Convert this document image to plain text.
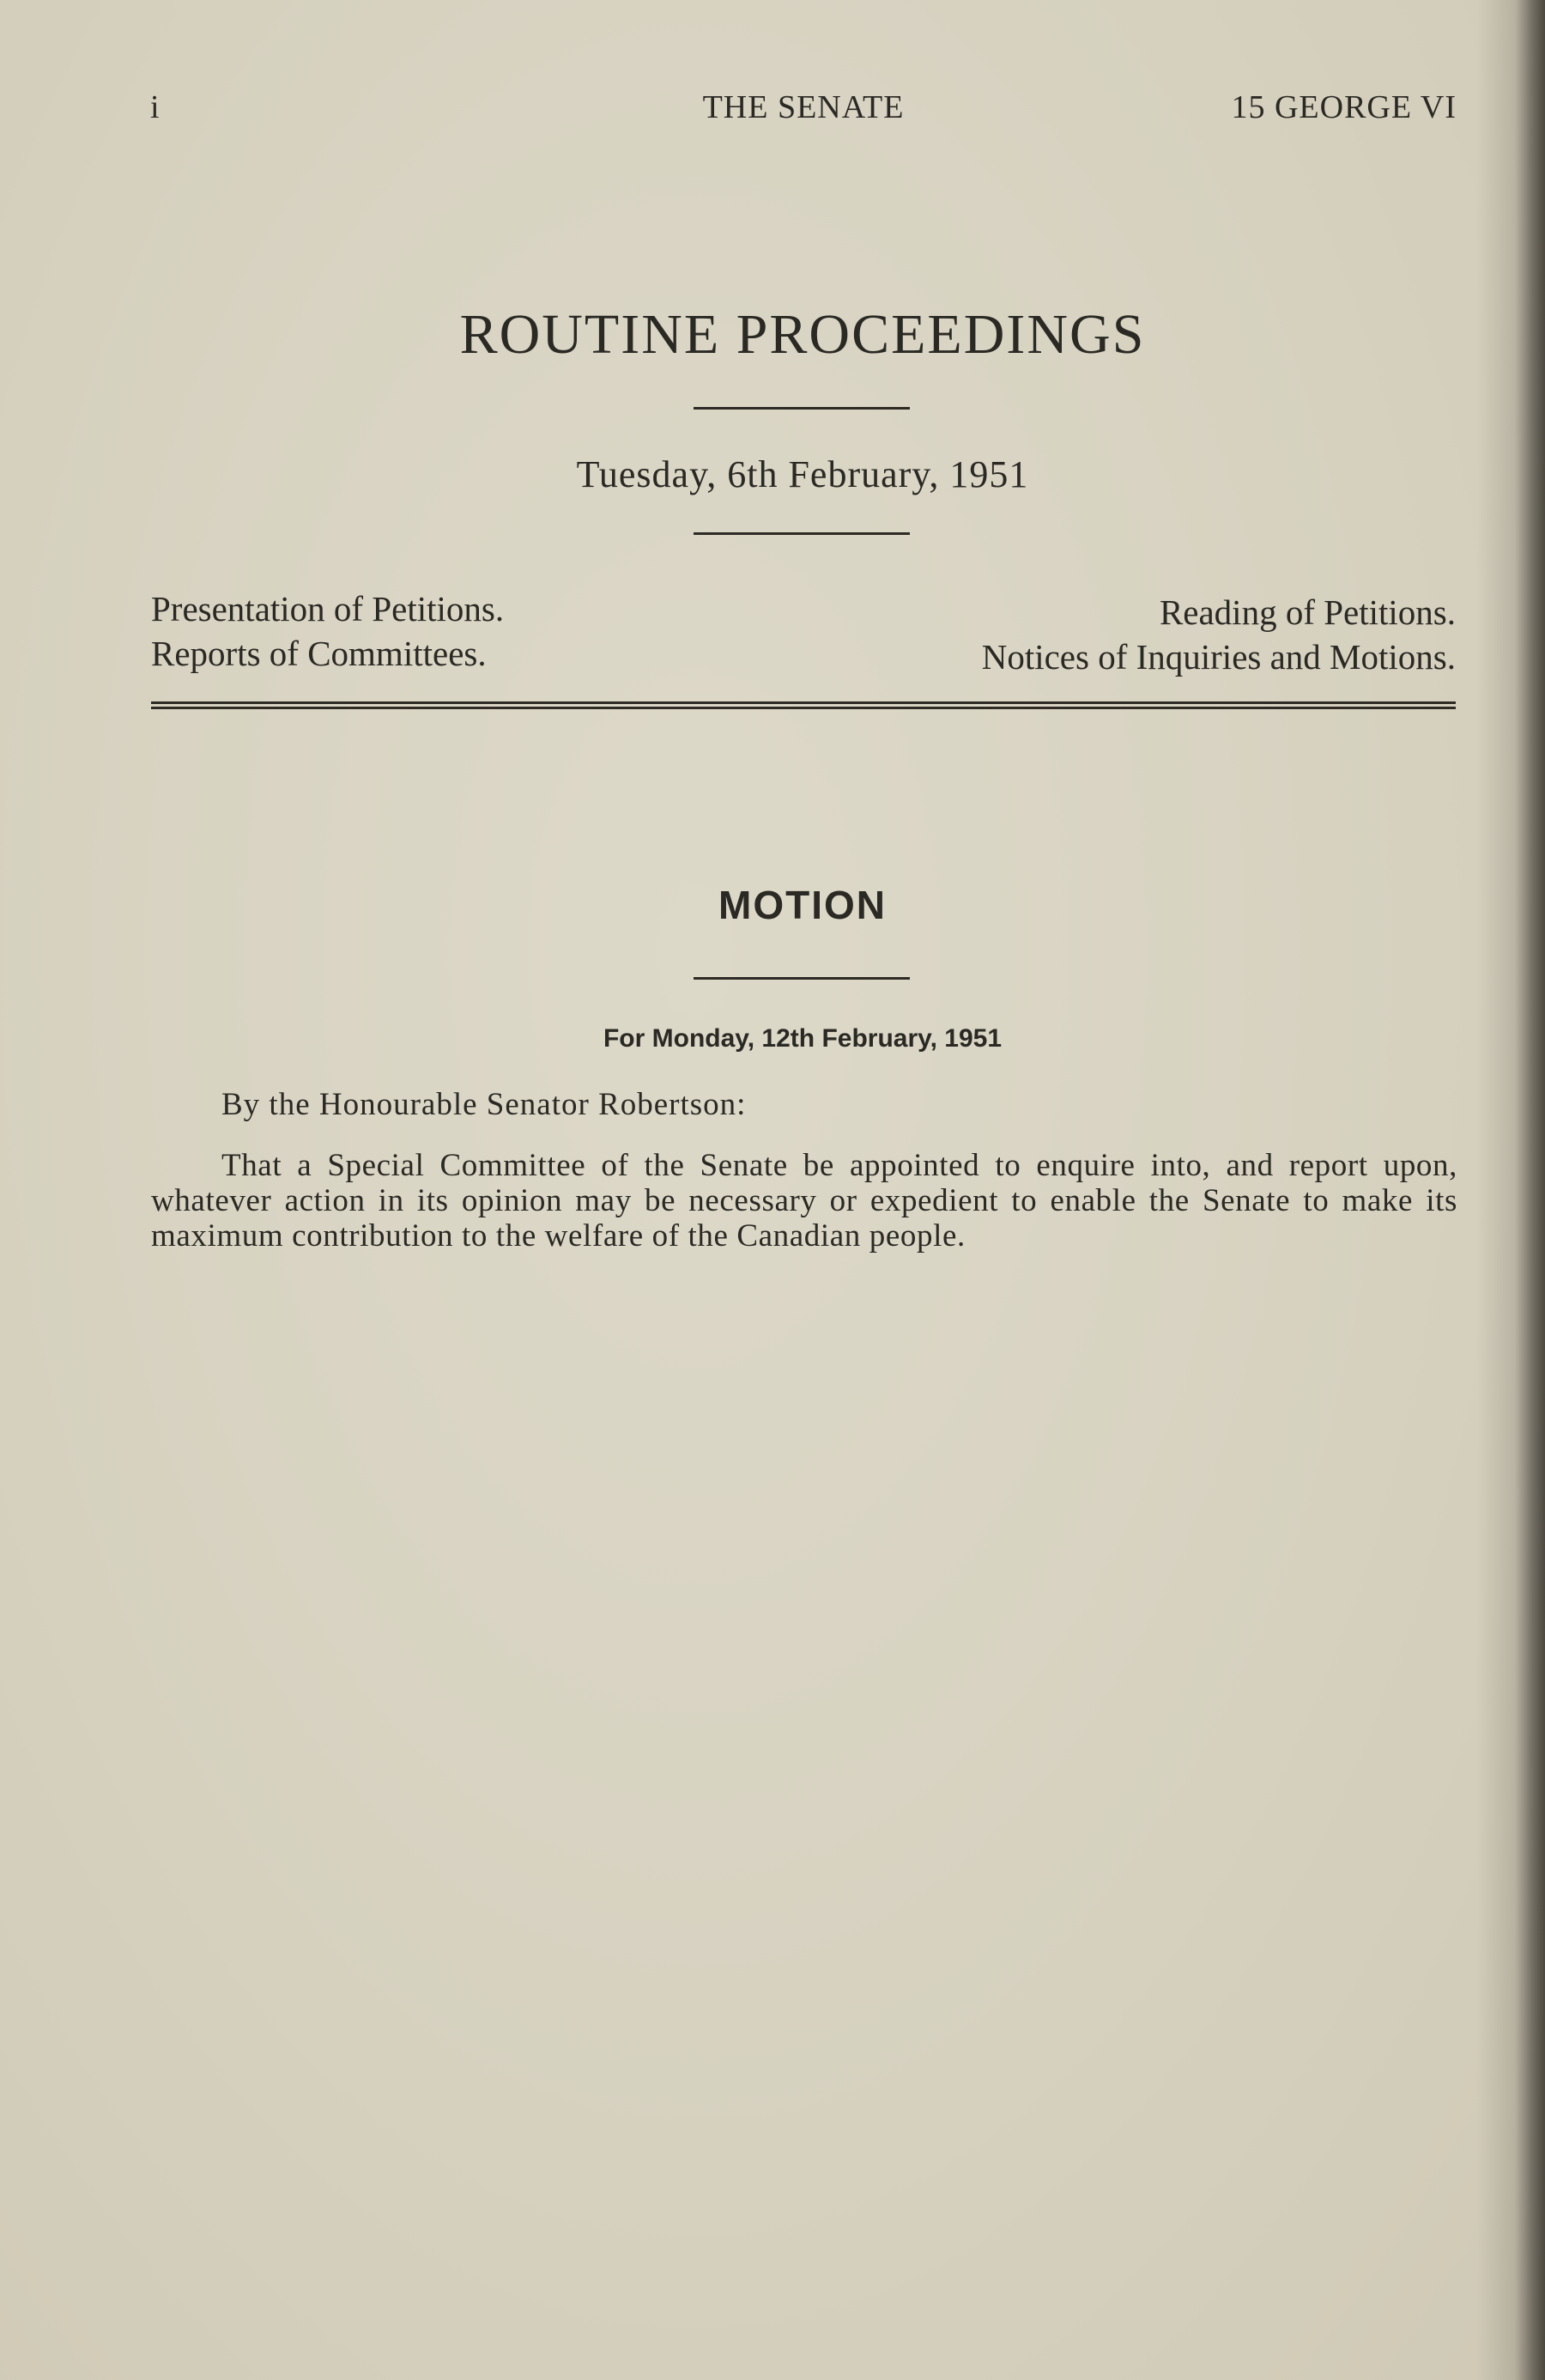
i	THE SENATE	15 GEORGE VI
ROUTINE PROCEEDINGS
Tuesday, 6th February, 1951
Presentation of Petitions.
Reports of Committees.
Reading of Petitions.
Notices of Inquiries and Motions.
MOTION
For Monday, 12th February, 1951
By the Honourable Senator Robertson:
That a Special Committee of the Senate be appointed to enquire into, and report upon, whatever action in its opinion may be necessary or expedient to enable the Senate to make its maximum contribution to the welfare of the Canadian people.
